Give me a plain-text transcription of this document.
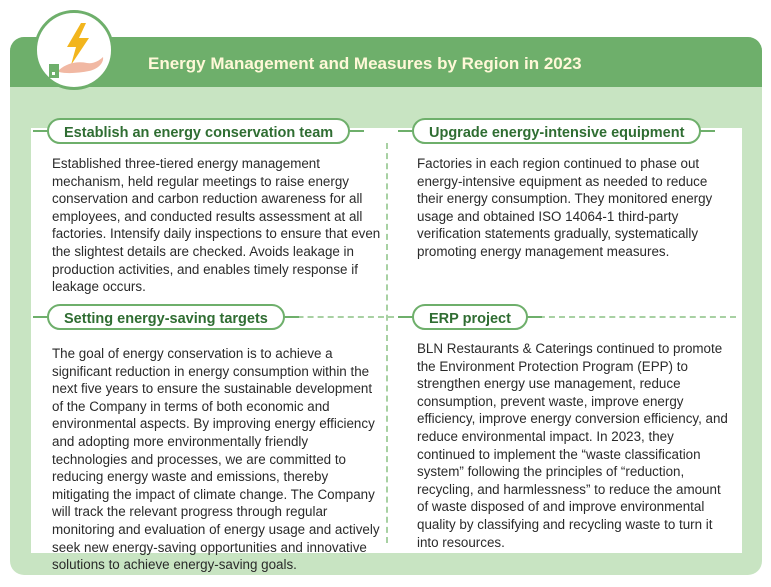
Energy Management and Measures by Region in 2023
Establish an energy conservation team
Established three-tiered energy management mechanism, held regular meetings to raise energy conservation and carbon reduction awareness for all employees, and conducted results assessment at all factories. Intensify daily inspections to ensure that even the slightest details are checked. Avoids leakage in production activities, and enables timely response if leakage occurs.
Upgrade energy-intensive equipment
Factories in each region continued to phase out energy-intensive equipment as needed to reduce their energy consumption. They monitored energy usage and obtained ISO 14064-1 third-party verification statements gradually, systematically promoting energy management measures.
Setting energy-saving targets
The goal of energy conservation is to achieve a significant reduction in energy consumption within the next five years to ensure the sustainable development of the Company in terms of both economic and environmental aspects. By improving energy efficiency and adopting more environmentally friendly technologies and processes, we are committed to reducing energy waste and emissions, thereby mitigating the impact of climate change. The Company will track the relevant progress through regular monitoring and evaluation of energy usage and actively seek new energy-saving opportunities and innovative solutions to achieve energy-saving goals.
ERP project
BLN Restaurants & Caterings continued to promote the Environment Protection Program (EPP) to strengthen energy use management, reduce consumption, prevent waste, improve energy efficiency, improve energy conversion efficiency, and reduce environmental impact. In 2023, they continued to implement the “waste classification system” following the principles of “reduction, recycling, and harmlessness” to reduce the amount of waste disposed of and improve environmental quality by classifying and recycling waste to turn it into resources.
